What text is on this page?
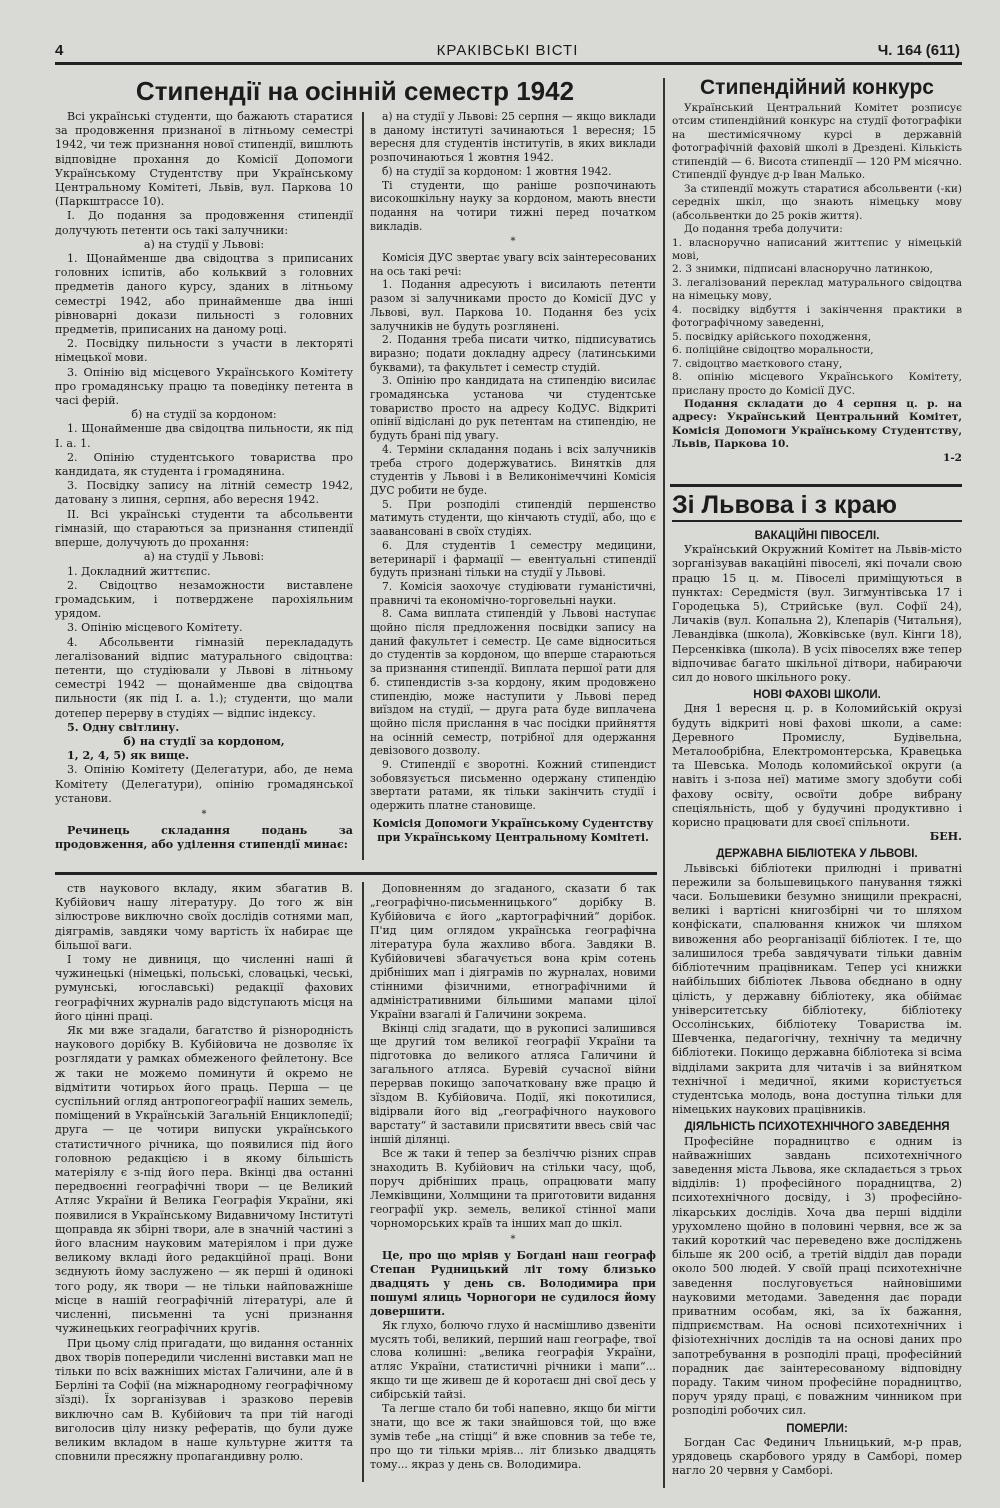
4	КРАКІВСЬКІ ВІСТІ	Ч. 164 (611)
Стипендії на осінній семестр 1942

Всі українські студенти, що бажають старатися за продовження признаної в літньому семестрі 1942, чи теж признання нової стипендії, вишлють відповідне прохання до Комісії Допомоги Українському Студентству при Українському Центральному Комітеті, Львів, вул. Паркова 10 (Паркштрассе 10).

І. До подання за продовження стипендії долучують петенти ось такі залучники:

а) на студії у Львові:

1. Щонайменше два свідоцтва з приписаних головних іспитів, або кольквий з головних предметів даного курсу, зданих в літньому семестрі 1942, або принайменше два інші рівноварні докази пильності з головних предметів, приписаних на даному році.

2. Посвідку пильности з участи в лекторяті німецької мови.

3. Опінію від місцевого Українського Комітету про громадянську працю та поведінку петента в часі ферій.

б) на студії за кордоном:

1. Щонайменше два свідоцтва пильности, як під І. а. 1.

2. Опінію студентського товариства про кандидата, як студента і громадянина.

3. Посвідку запису на літній семестр 1942, датовану з липня, серпня, або вересня 1942.

ІІ. Всі українські студенти та абсольвенти гімназій, що стараються за признання стипендії вперше, долучують до прохання:

а) на студії у Львові:

1. Докладний життєпис.

2. Свідоцтво незаможности виставлене громадським, і потверджене парохіяльним урядом.

3. Опінію місцевого Комітету.

4. Абсольвенти гімназій переклададуть легалізований відпис матурального свідоцтва: петенти, що студіювали у Львові в літньому семестрі 1942 — щонайменше два свідоцтва пильности (як під І. а. 1.); студенти, що мали дотепер перерву в студіях — відпис індексу.

5. Одну світлину.

б) на студії за кордоном,

1, 2, 4, 5) як вище.

3. Опінію Комітету (Делегатури, або, де нема Комітету (Делегатури), опінію громадянської установи.

*

Речинець складання подань за продовження, або уділення стипендії минає:

а) на студії у Львові: 25 серпня — якщо виклади в даному інституті зачинаються 1 вересня; 15 вересня для студентів інститутів, в яких виклади розпочинаються 1 жовтня 1942.

б) на студії за кордоном: 1 жовтня 1942.

Ті студенти, що раніше розпочинають високошкільну науку за кордоном, мають внести подання на чотири тижні перед початком викладів.

*

Комісія ДУС звертає увагу всіх заінтересованих на ось такі речі:

1. Подання адресують і висилають петенти разом зі залучниками просто до Комісії ДУС у Львові, вул. Паркова 10. Подання без усіх залучників не будуть розглянені.

2. Подання треба писати читко, підписуватись виразно; подати докладну адресу (латинськими буквами), та факультет і семестр студій.

3. Опінію про кандидата на стипендію висилає громадянська установа чи студентське товариство просто на адресу КоДУС. Відкриті опінії відіслані до рук петентам на стипендію, не будуть брані під увагу.

4. Терміни складання подань і всіх залучників треба строго додержуватись. Винятків для студентів у Львові і в Великонімеччині Комісія ДУС робити не буде.

5. При розподілі стипендій першенство матимуть студенти, що кінчають студії, або, що є заавансовані в своїх студіях.

6. Для студентів 1 семестру медицини, ветеринарії і фармації — евентуальні стипендії будуть признані тільки на студії у Львові.

7. Комісія заохочує студіювати гуманістичні, правничі та економічно-торговельні науки.

8. Сама виплата стипендій у Львові наступає щойно після предложення посвідки запису на даний факультет і семестр. Це саме відноситься до студентів за кордоном, що вперше стараються за признання стипендії. Виплата першої рати для б. стипендистів з-за кордону, яким продовжено стипендію, може наступити у Львові перед виїздом на студії, — друга рата буде виплачена щойно після прислання в час посідки прийняття на осінній семестр, потрібної для одержання девізового дозволу.

9. Стипендії є зворотні. Кожний стипендист зобовязується письменно одержану стипендію звертати ратами, як тільки закінчить студії і одержить платне становище.

Комісія Допомоги Українському Судентству при Українському Центральному Комітеті.

Стипендійний конкурс

Український Центральний Комітет розписує отсим стипендійний конкурс на студії фотографіки на шестимісячному курсі в державній фотографічній фаховій школі в Дрездені. Кількість стипендій — 6. Висота стипендії — 120 РМ місячно. Стипендії фундує д-р Іван Малько.

За стипендії можуть старатися абсольвенти (-ки) середніх шкіл, що знають німецьку мову (абсольвентки до 25 років життя).

До подання треба долучити:

1. власноручно написаний життєпис у німецькій мові,

2. 3 знимки, підписані власноручно латинкою,

3. легалізований переклад матурального свідоцтва на німецьку мову,

4. посвідку відбуття і закінчення практики в фотографічному заведенні,

5. посвідку арійського походження,

6. поліційне свідоцтво моральности,

7. свідоцтво маєткового стану,

8. опінію місцевого Українського Комітету, прислану просто до Комісії ДУС.

Подання складати до 4 серпня ц. р. на адресу: Український Центральний Комітет, Комісія Допомоги Українському Студентству, Львів, Паркова 10.

1-2

Зі Львова і з краю

ВАКАЦІЙНІ ПІВОСЕЛІ.

Український Окружний Комітет на Львів-місто зорганізував вакаційні півоселі, які почали свою працю 15 ц. м. Півоселі приміщуються в пунктах: Середмістя (вул. Зигмунтівська 17 і Городецька 5), Стрийське (вул. Софії 24), Личаків (вул. Копальна 2), Клепарів (Читальня), Левандівка (школа), Жовківське (вул. Кінги 18), Персенківка (школа). В усіх півоселях вже тепер відпочиває багато шкільної дітвори, набираючи сил до нового шкільного року.

НОВІ ФАХОВІ ШКОЛИ.

Дня 1 вересня ц. р. в Коломийській окрузі будуть відкриті нові фахові школи, а саме: Деревного Промислу, Будівельна, Металообрібна, Електромонтерська, Кравецька та Шевська. Молодь коломийської округи (а навіть і з-поза неї) матиме змогу здобути собі фахову освіту, освоїти добре вибрану спеціяльність, щоб у будучині продуктивно і корисно працювати для своєї спільноти.

БЕН.

ДЕРЖАВНА БІБЛІОТЕКА У ЛЬВОВІ.

Львівські бібліотеки прилюдні і приватні пережили за большевицького панування тяжкі часи. Большевики безумно знищили прекрасні, великі і вартісні книгозбірні чи то шляхом конфіскати, спалювання книжок чи шляхом вивоження або реорганізації бібліотек. І те, що залишилося треба завдячувати тільки давнім бібліотечним працівникам. Тепер усі книжки найбільших бібліотек Львова обєднано в одну цілість, у державну бібліотеку, яка обіймає університетську бібліотеку, бібліотеку Оссолінських, бібліотеку Товариства ім. Шевченка, педагогічну, технічну та медичну бібліотеки. Покищо державна бібліотека зі всіма відділами закрита для читачів і за вийнятком технічної і медичної, якими користується студентська молодь, вона доступна тільки для німецьких наукових працівників.

ДІЯЛЬНІСТЬ ПСИХОТЕХНІЧНОГО ЗАВЕДЕННЯ

Професійне порадництво є одним із найважніших завдань психотехнічного заведення міста Львова, яке складається з трьох відділів: 1) професійного порадництва, 2) психотехнічного досвіду, і 3) професійно-лікарських дослідів. Хоча два перші відділи урухомлено щойно в половині червня, все ж за такий короткий час переведено вже досліджень більше як 200 осіб, а третій відділ дав поради около 500 людей. У своїй праці психотехнічне заведення послуговується найновішими науковими методами. Заведення дає поради приватним особам, які, за їх бажання, підприємствам. На основі психотехнічних і фізіотехнічних дослідів та на основі даних про запотребування в розподілі праці, професійний порадник дає заінтересованому відповідну пораду. Таким чином професійне порадництво, поруч уряду праці, є поважним чинником при розподілі робочих сил.

ПОМЕРЛИ:

Богдан Сас Фединич Ільницький, м-р прав, урядовець скарбового уряду в Самборі, помер нагло 20 червня у Самборі.

ств наукового вкладу, яким збагатив В. Кубійович нашу літературу. До того ж він зілюстрове виключно своїх дослідів сотнями мап, діяграмів, завдяки чому вартість їх набирає ще більшої ваги.

І тому не дивниця, що численні наші й чужинецькі (німецькі, польські, словацькі, чеські, румунські, югославські) редакції фахових географічних журналів радо відступають місця на його цінні праці.

Як ми вже згадали, багатство й різнородність наукового дорібку В. Кубійовича не дозволяє їх розглядати у рамках обмеженого фейлетону. Все ж таки не можемо поминути й окремо не відмітити чотирьох його праць. Перша — це суспільний огляд антропогеографії наших земель, поміщений в Українській Загальній Енциклопедії; друга — це чотири випуски українського статистичного річника, що появилися під його головною редакцією і в якому більшість матеріялу є з-під його пера. Вкінці два останні передвоєнні географічні твори — це Великий Атляс України й Велика Географія України, які появилися в Українському Видавничому Інституті щоправда як збірні твори, але в значній частині з його власним науковим матеріялом і при дуже великому вкладі його редакційної праці. Вони зєднують йому заслужено — як перші й одинокі того роду, як твори — не тільки найповажніше місце в нашій географічній літературі, але й численні, письменні та усні признання чужинецьких географічних кругів.

При цьому слід пригадати, що видання останніх двох творів попередили численні виставки мап не тільки по всіх важніших містах Галичини, але й в Берліні та Софії (на міжнародному географічному зїзді). Їх зорганізував і зразково перевів виключно сам В. Кубійович та при тій нагоді виголосив цілу низку рефератів, що були дуже великим вкладом в наше культурне життя та сповнили пресяжну пропагандивну ролю.

Доповненням до згаданого, сказати б так „географічно-письменницького“ дорібку В. Кубійовича є його „картографічний“ дорібок. П'ид цим оглядом українська географічна література була жахливо вбога. Завдяки В. Кубійовичеві збагачується вона крім сотень дрібніших мап і діяграмів по журналах, новими стінними фізичними, етнографічними й адміністративними більшими мапами цілої України взагалі й Галичини зокрема.

Вкінці слід згадати, що в рукописі залишився ще другий том великої географії України та підготовка до великого атляса Галичини й загального атляса. Буревій сучасної війни перервав покищо започатковану вже працю й зїздом В. Кубійовича. Події, які покотилися, відірвали його від „географічного наукового варстату“ й заставили присвятити ввесь свій час іншій ділянці.

Все ж таки й тепер за безліччю різних справ знаходить В. Кубійович на стільки часу, щоб, поруч дрібніших праць, опрацювати мапу Лемківщини, Холмщини та приготовити видання географії укр. земель, великої стінної мапи чорноморських країв та інших мап до шкіл.

*

Це, про що мріяв у Богдані наш географ Степан Рудницький літ тому близько двадцять у день св. Володимира при пошумі ялиць Чорногори не судилося йому довершити.

Як глухо, болючо глухо й насмішливо дзвеніти мусять тобі, великий, перший наш географе, твої слова колишні: „велика географія України, атляс України, статистичні річники і мапи“... якщо ти ще живеш де й коротаєш дні свої десь у сибірській тайзі.

Та легше стало би тобі напевно, якщо би мігти знати, що все ж таки знайшовся той, що вже зумів тебе „на стіцці“ й вже сповнив за тебе те, про що ти тільки мріяв... літ близько двадцять тому... якраз у день св. Володимира.
